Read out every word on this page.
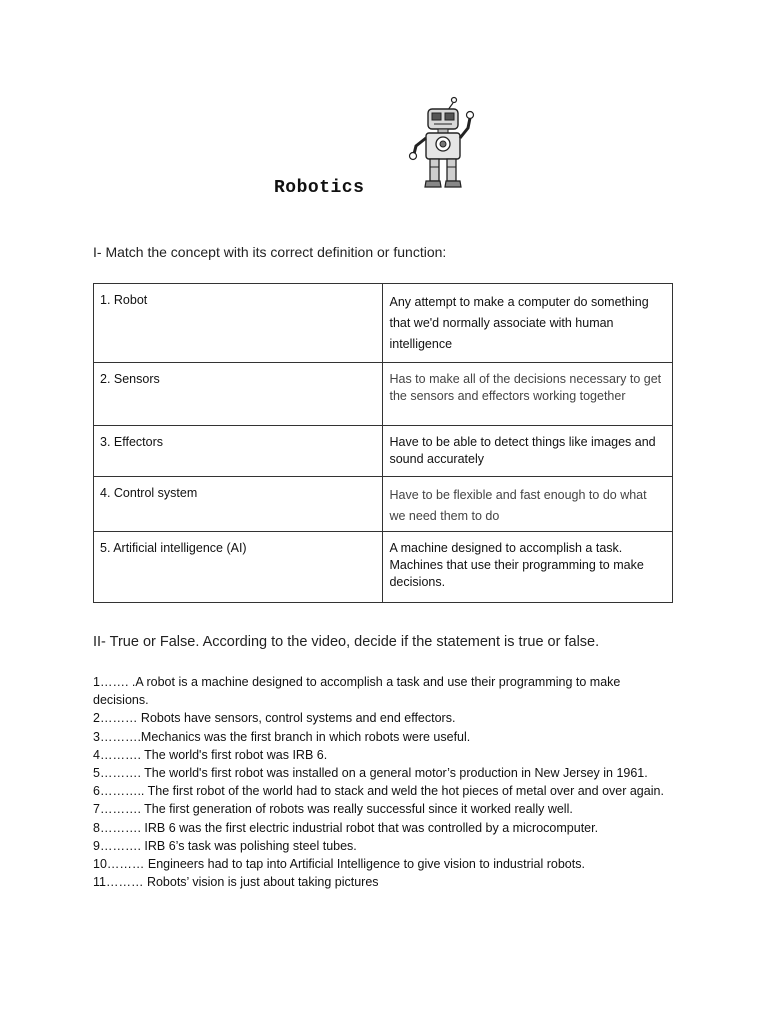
Robotics
I- Match the concept with its correct definition or function:
1. Robot	Any attempt to make a computer do something that we'd normally associate with human intelligence

2. Sensors	Has to make all of the decisions necessary to get the sensors and effectors working together
3. Effectors	Have to be able to detect things like images and sound accurately
4. Control system	Have to be flexible and fast enough to do what we need them to do

5. Artificial intelligence (AI)	A machine designed to accomplish a task. Machines that use their programming to make decisions.
II- True or False. According to the video, decide if the statement is true or false.
1……. .A robot is a machine designed to accomplish a task and use their programming to make decisions.
2……… Robots have sensors, control systems and end effectors.
3……….Mechanics was the first branch in which robots were useful.
4………. The world's first robot was IRB 6.
5………. The world's first robot was installed on a general motor’s production in New Jersey in 1961.
6……….. The first robot of the world had to stack and weld the hot pieces of metal over and over again.
7………. The first generation of robots was really successful since it worked really well.
8………. IRB 6 was the first electric industrial robot that was controlled by a microcomputer.
9………. IRB 6’s task was polishing steel tubes.
10……… Engineers had to tap into Artificial Intelligence to give vision to industrial robots.
11……… Robots’ vision is just about taking pictures
